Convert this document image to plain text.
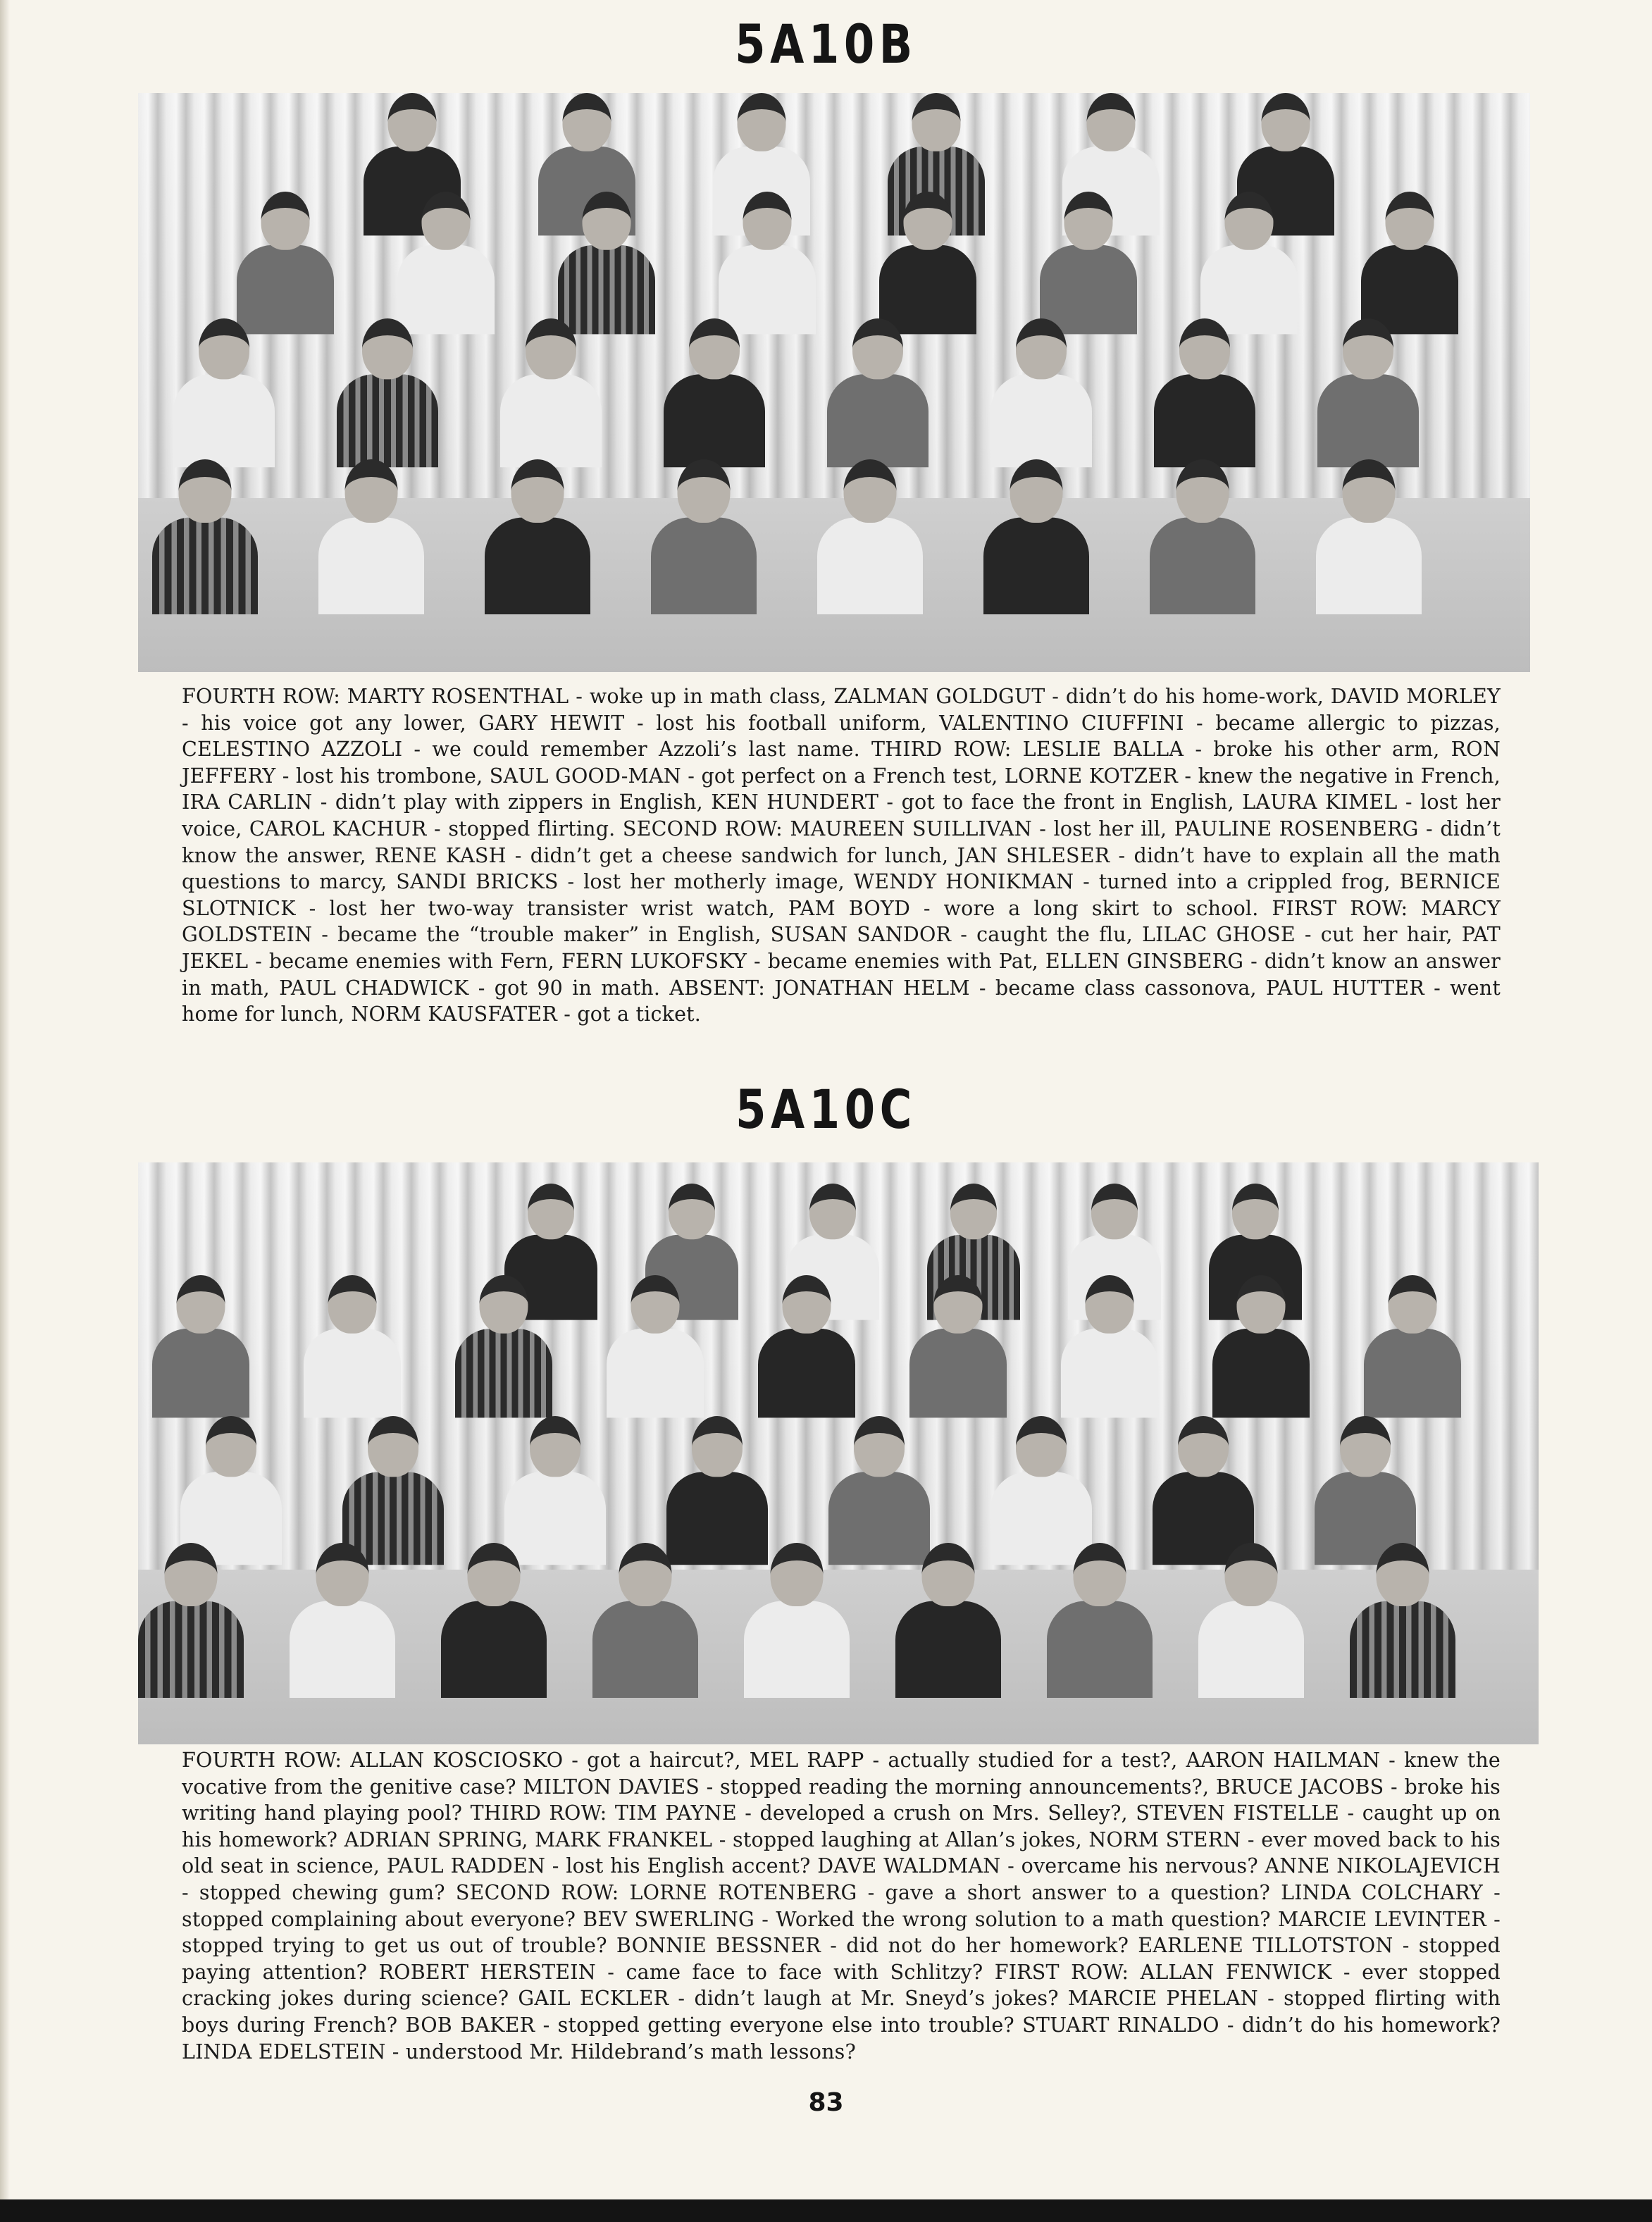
5A10B

FOURTH ROW: MARTY ROSENTHAL - woke up in math class, ZALMAN GOLDGUT - didn’t do his home-work, DAVID MORLEY - his voice got any lower, GARY HEWIT - lost his football uniform, VALENTINO CIUFFINI - became allergic to pizzas, CELESTINO AZZOLI - we could remember Azzoli’s last name. THIRD ROW: LESLIE BALLA - broke his other arm, RON JEFFERY - lost his trombone, SAUL GOOD-MAN - got perfect on a French test, LORNE KOTZER - knew the negative in French, IRA CARLIN - didn’t play with zippers in English, KEN HUNDERT - got to face the front in English, LAURA KIMEL - lost her voice, CAROL KACHUR - stopped flirting. SECOND ROW: MAUREEN SUILLIVAN - lost her ill, PAULINE ROSENBERG - didn’t know the answer, RENE KASH - didn’t get a cheese sandwich for lunch, JAN SHLESER - didn’t have to explain all the math questions to marcy, SANDI BRICKS - lost her motherly image, WENDY HONIKMAN - turned into a crippled frog, BERNICE SLOTNICK - lost her two-way transister wrist watch, PAM BOYD - wore a long skirt to school. FIRST ROW: MARCY GOLDSTEIN - became the “trouble maker” in English, SUSAN SANDOR - caught the flu, LILAC GHOSE - cut her hair, PAT JEKEL - became enemies with Fern, FERN LUKOFSKY - became enemies with Pat, ELLEN GINSBERG - didn’t know an answer in math, PAUL CHADWICK - got 90 in math. ABSENT: JONATHAN HELM - became class cassonova, PAUL HUTTER - went home for lunch, NORM KAUSFATER - got a ticket.

5A10C

FOURTH ROW: ALLAN KOSCIOSKO - got a haircut?, MEL RAPP - actually studied for a test?, AARON HAILMAN - knew the vocative from the genitive case? MILTON DAVIES - stopped reading the morning announcements?, BRUCE JACOBS - broke his writing hand playing pool? THIRD ROW: TIM PAYNE - developed a crush on Mrs. Selley?, STEVEN FISTELLE - caught up on his homework? ADRIAN SPRING, MARK FRANKEL - stopped laughing at Allan’s jokes, NORM STERN - ever moved back to his old seat in science, PAUL RADDEN - lost his English accent? DAVE WALDMAN - overcame his nervous? ANNE NIKOLAJEVICH - stopped chewing gum? SECOND ROW: LORNE ROTENBERG - gave a short answer to a question? LINDA COLCHARY - stopped complaining about everyone? BEV SWERLING - Worked the wrong solution to a math question? MARCIE LEVINTER - stopped trying to get us out of trouble? BONNIE BESSNER - did not do her homework? EARLENE TILLOTSTON - stopped paying attention? ROBERT HERSTEIN - came face to face with Schlitzy? FIRST ROW: ALLAN FENWICK - ever stopped cracking jokes during science? GAIL ECKLER - didn’t laugh at Mr. Sneyd’s jokes? MARCIE PHELAN - stopped flirting with boys during French? BOB BAKER - stopped getting everyone else into trouble? STUART RINALDO - didn’t do his homework? LINDA EDELSTEIN - understood Mr. Hildebrand’s math lessons?

83
